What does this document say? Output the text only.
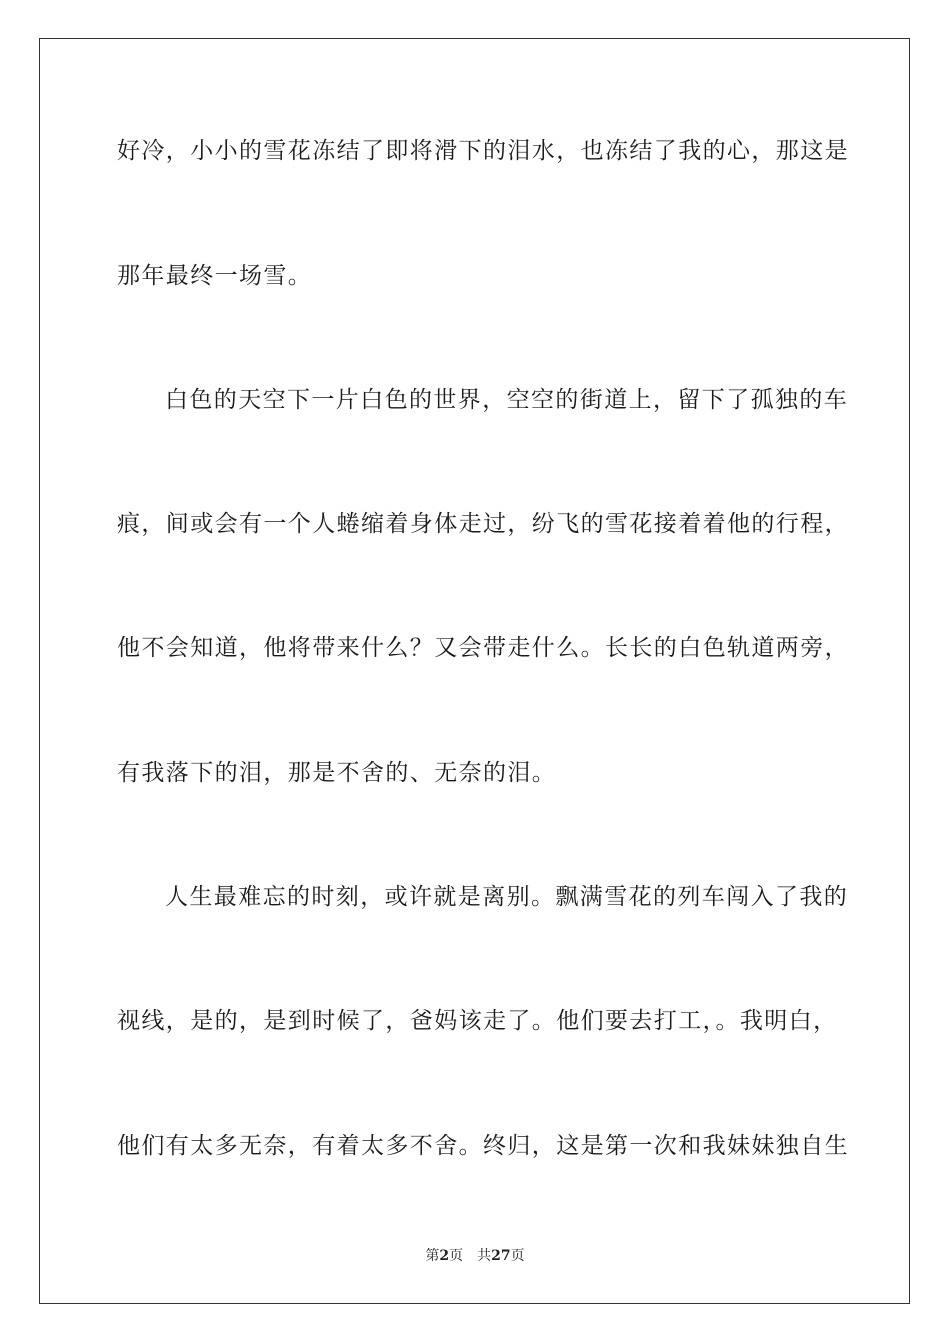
好冷，小小的雪花冻结了即将滑下的泪水，也冻结了我的心，那这是
那年最终一场雪。
白色的天空下一片白色的世界，空空的街道上，留下了孤独的车
痕，间或会有一个人蜷缩着身体走过，纷飞的雪花接着着他的行程，
他不会知道，他将带来什么？又会带走什么。长长的白色轨道两旁，
有我落下的泪，那是不舍的、无奈的泪。
人生最难忘的时刻，或许就是离别。飘满雪花的列车闯入了我的
视线，是的，是到时候了，爸妈该走了。他们要去打工，。我明白，
他们有太多无奈，有着太多不舍。终归，这是第一次和我妹妹独自生
第2页 共27页
